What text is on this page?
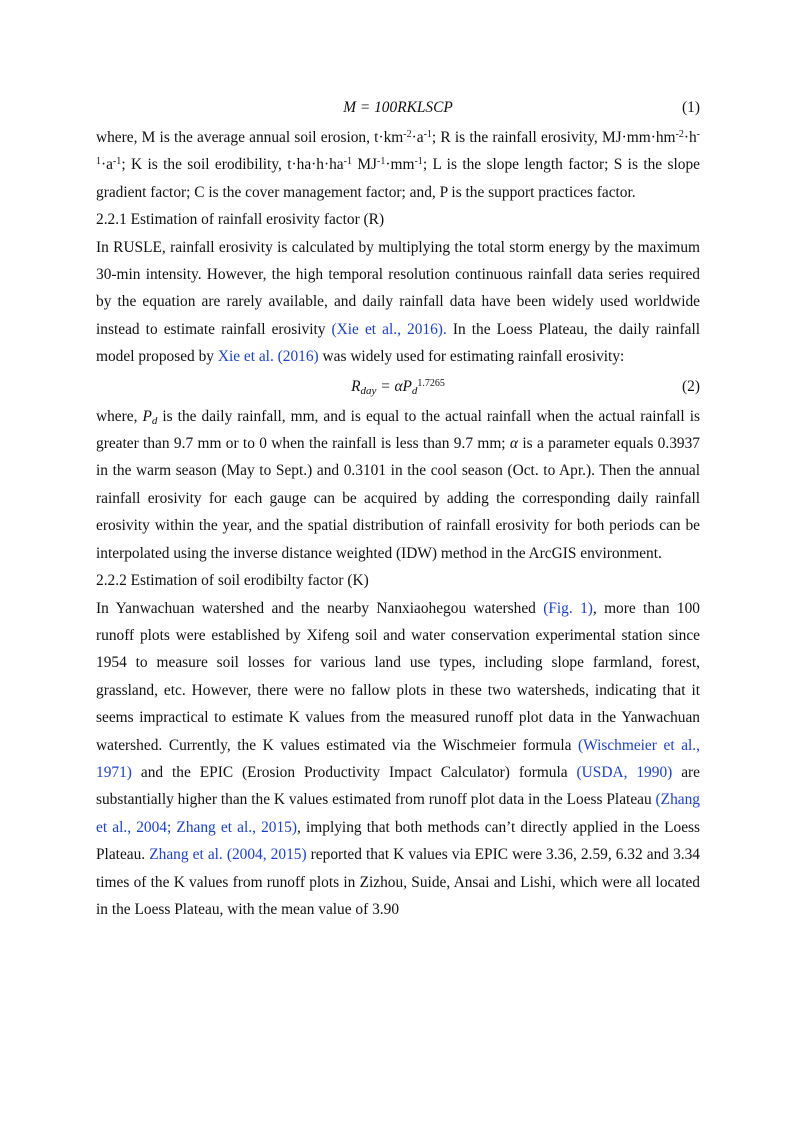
M = 100RKLSCP	(1)

where, M is the average annual soil erosion, $t\cdot km^{-2}\cdot a^{-1}$; R is the rainfall erosivity, $MJ\cdot mm\cdot hm^{-2}\cdot h^{-1}\cdot a^{-1}$; K is the soil erodibility, $t\cdot ha\cdot h\cdot ha^{-1}$ $MJ^{-1}\cdot mm^{-1}$; L is the slope length factor; S is the slope gradient factor; C is the cover management factor; and, P is the support practices factor.

2.2.1 Estimation of rainfall erosivity factor (R)

In RUSLE, rainfall erosivity is calculated by multiplying the total storm energy by the maximum 30-min intensity. However, the high temporal resolution continuous rainfall data series required by the equation are rarely available, and daily rainfall data have been widely used worldwide instead to estimate rainfall erosivity (Xie et al., 2016). In the Loess Plateau, the daily rainfall model proposed by Xie et al. (2016) was widely used for estimating rainfall erosivity:

$R_{day} = \alpha P_d^{1.7265}$	(2)

where, $P_d$ is the daily rainfall, mm, and is equal to the actual rainfall when the actual rainfall is greater than 9.7 mm or to 0 when the rainfall is less than 9.7 mm; α is a parameter equals 0.3937 in the warm season (May to Sept.) and 0.3101 in the cool season (Oct. to Apr.). Then the annual rainfall erosivity for each gauge can be acquired by adding the corresponding daily rainfall erosivity within the year, and the spatial distribution of rainfall erosivity for both periods can be interpolated using the inverse distance weighted (IDW) method in the ArcGIS environment.

2.2.2 Estimation of soil erodibilty factor (K)

In Yanwachuan watershed and the nearby Nanxiaohegou watershed (Fig. 1), more than 100 runoff plots were established by Xifeng soil and water conservation experimental station since 1954 to measure soil losses for various land use types, including slope farmland, forest, grassland, etc. However, there were no fallow plots in these two watersheds, indicating that it seems impractical to estimate K values from the measured runoff plot data in the Yanwachuan watershed. Currently, the K values estimated via the Wischmeier formula (Wischmeier et al., 1971) and the EPIC (Erosion Productivity Impact Calculator) formula (USDA, 1990) are substantially higher than the K values estimated from runoff plot data in the Loess Plateau (Zhang et al., 2004; Zhang et al., 2015), implying that both methods can’t directly applied in the Loess Plateau. Zhang et al. (2004, 2015) reported that K values via EPIC were 3.36, 2.59, 6.32 and 3.34 times of the K values from runoff plots in Zizhou, Suide, Ansai and Lishi, which were all located in the Loess Plateau, with the mean value of 3.90
